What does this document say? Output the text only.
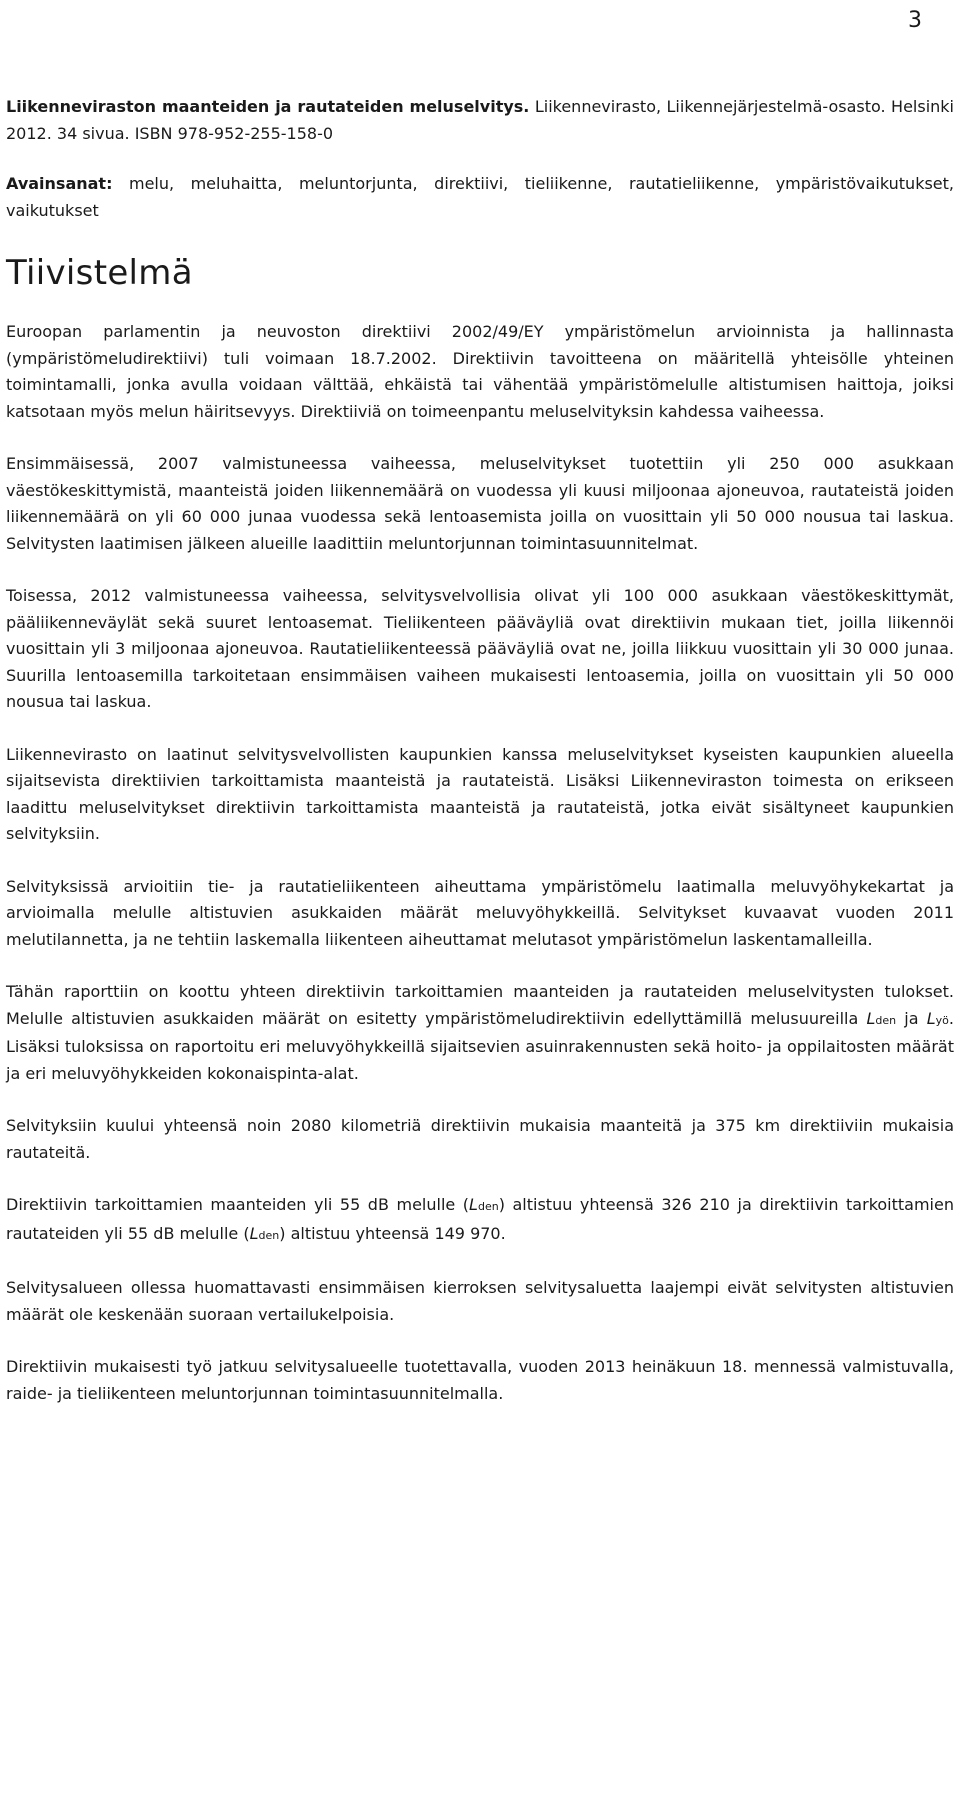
3

Liikenneviraston maanteiden ja rautateiden meluselvitys. Liikennevirasto, Liikennejärjestelmä-osasto. Helsinki 2012. 34 sivua. ISBN 978-952-255-158-0

Avainsanat: melu, meluhaitta, meluntorjunta, direktiivi, tieliikenne, rautatieliikenne, ympäristövaikutukset, vaikutukset

Tiivistelmä

Euroopan parlamentin ja neuvoston direktiivi 2002/49/EY ympäristömelun arvioinnista ja hallinnasta (ympäristömeludirektiivi) tuli voimaan 18.7.2002. Direktiivin tavoitteena on määritellä yhteisölle yhteinen toimintamalli, jonka avulla voidaan välttää, ehkäistä tai vähentää ympäristömelulle altistumisen haittoja, joiksi katsotaan myös melun häiritsevyys. Direktiiviä on toimeenpantu meluselvityksin kahdessa vaiheessa.

Ensimmäisessä, 2007 valmistuneessa vaiheessa, meluselvitykset tuotettiin yli 250 000 asukkaan väestökeskittymistä, maanteistä joiden liikennemäärä on vuodessa yli kuusi miljoonaa ajoneuvoa, rautateistä joiden liikennemäärä on yli 60 000 junaa vuodessa sekä lentoasemista joilla on vuosittain yli 50 000 nousua tai laskua. Selvitysten laatimisen jälkeen alueille laadittiin meluntorjunnan toimintasuunnitelmat.

Toisessa, 2012 valmistuneessa vaiheessa, selvitysvelvollisia olivat yli 100 000 asukkaan väestökeskittymät, pääliikenneväylät sekä suuret lentoasemat. Tieliikenteen pääväyliä ovat direktiivin mukaan tiet, joilla liikennöi vuosittain yli 3 miljoonaa ajoneuvoa. Rautatieliikenteessä pääväyliä ovat ne, joilla liikkuu vuosittain yli 30 000 junaa. Suurilla lentoasemilla tarkoitetaan ensimmäisen vaiheen mukaisesti lentoasemia, joilla on vuosittain yli 50 000 nousua tai laskua.

Liikennevirasto on laatinut selvitysvelvollisten kaupunkien kanssa meluselvitykset kyseisten kaupunkien alueella sijaitsevista direktiivien tarkoittamista maanteistä ja rautateistä. Lisäksi Liikenneviraston toimesta on erikseen laadittu meluselvitykset direktiivin tarkoittamista maanteistä ja rautateistä, jotka eivät sisältyneet kaupunkien selvityksiin.

Selvityksissä arvioitiin tie- ja rautatieliikenteen aiheuttama ympäristömelu laatimalla meluvyöhykekartat ja arvioimalla melulle altistuvien asukkaiden määrät meluvyöhykkeillä. Selvitykset kuvaavat vuoden 2011 melutilannetta, ja ne tehtiin laskemalla liikenteen aiheuttamat melutasot ympäristömelun laskentamalleilla.

Tähän raporttiin on koottu yhteen direktiivin tarkoittamien maanteiden ja rautateiden meluselvitysten tulokset. Melulle altistuvien asukkaiden määrät on esitetty ympäristömeludirektiivin edellyttämillä melusuureilla Lden ja Lyö. Lisäksi tuloksissa on raportoitu eri meluvyöhykkeillä sijaitsevien asuinrakennusten sekä hoito- ja oppilaitosten määrät ja eri meluvyöhykkeiden kokonaispinta-alat.

Selvityksiin kuului yhteensä noin 2080 kilometriä direktiivin mukaisia maanteitä ja 375 km direktiiviin mukaisia rautateitä.

Direktiivin tarkoittamien maanteiden yli 55 dB melulle (Lden) altistuu yhteensä 326 210 ja direktiivin tarkoittamien rautateiden yli 55 dB melulle (Lden) altistuu yhteensä 149 970.

Selvitysalueen ollessa huomattavasti ensimmäisen kierroksen selvitysaluetta laajempi eivät selvitysten altistuvien määrät ole keskenään suoraan vertailukelpoisia.

Direktiivin mukaisesti työ jatkuu selvitysalueelle tuotettavalla, vuoden 2013 heinäkuun 18. mennessä valmistuvalla, raide- ja tieliikenteen meluntorjunnan toimintasuunnitelmalla.
